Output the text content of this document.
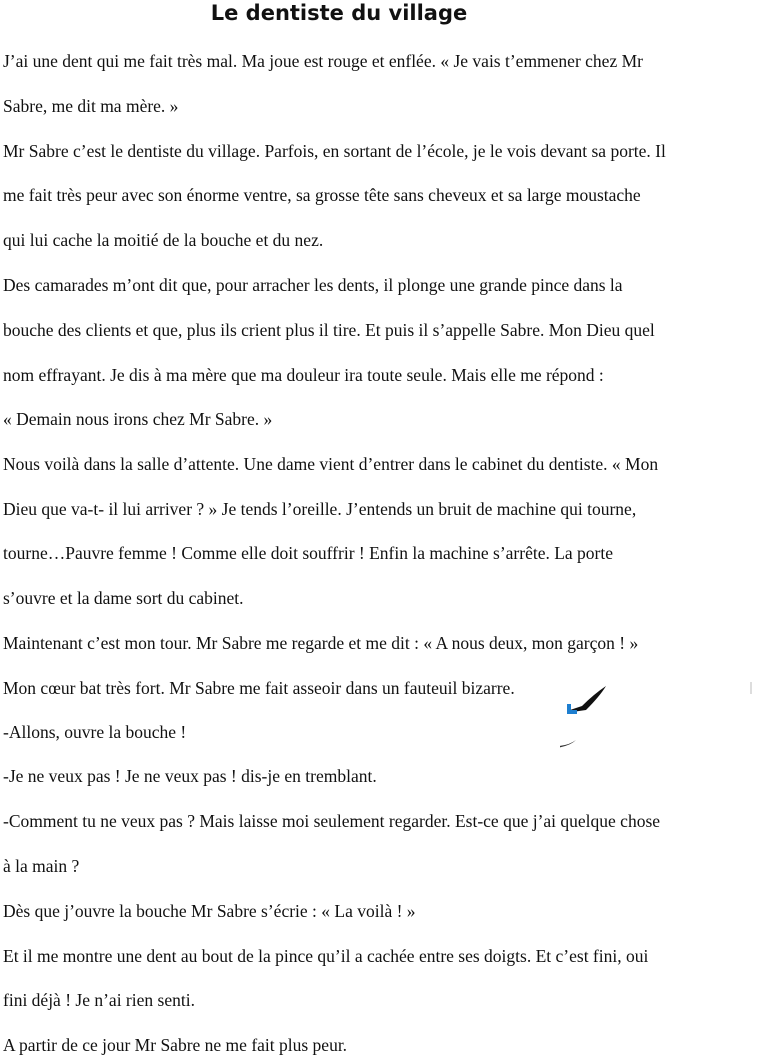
Le dentiste du village
J’ai une dent qui me fait très mal. Ma joue est rouge et enflée. « Je vais t’emmener chez Mr
Sabre, me dit ma mère. »
Mr Sabre c’est le dentiste du village. Parfois, en sortant de l’école, je le vois devant sa porte. Il
me fait très peur avec son énorme ventre, sa grosse tête sans cheveux et sa large moustache
qui lui cache la moitié de la bouche et du nez.
Des camarades m’ont dit que, pour arracher les dents, il plonge une grande pince dans la
bouche des clients et que, plus ils crient plus il tire. Et puis il s’appelle Sabre. Mon Dieu quel
nom effrayant. Je dis à ma mère que ma douleur ira toute seule. Mais elle me répond :
« Demain nous irons chez Mr Sabre. »
Nous voilà dans la salle d’attente. Une dame vient d’entrer dans le cabinet du dentiste. « Mon
Dieu que va-t- il lui arriver ? » Je tends l’oreille. J’entends un bruit de machine qui tourne,
tourne…Pauvre femme ! Comme elle doit souffrir ! Enfin la machine s’arrête. La porte
s’ouvre et la dame sort du cabinet.
Maintenant c’est mon tour. Mr Sabre me regarde et me dit : « A nous deux, mon garçon ! »
Mon cœur bat très fort. Mr Sabre me fait asseoir dans un fauteuil bizarre.
-Allons, ouvre la bouche !
-Je ne veux pas ! Je ne veux pas ! dis-je en tremblant.
-Comment tu ne veux pas ? Mais laisse moi seulement regarder. Est-ce que j’ai quelque chose
à la main ?
Dès que j’ouvre la bouche Mr Sabre s’écrie : « La voilà ! »
Et il me montre une dent au bout de la pince qu’il a cachée entre ses doigts. Et c’est fini, oui
fini déjà ! Je n’ai rien senti.
A partir de ce jour Mr Sabre ne me fait plus peur.
